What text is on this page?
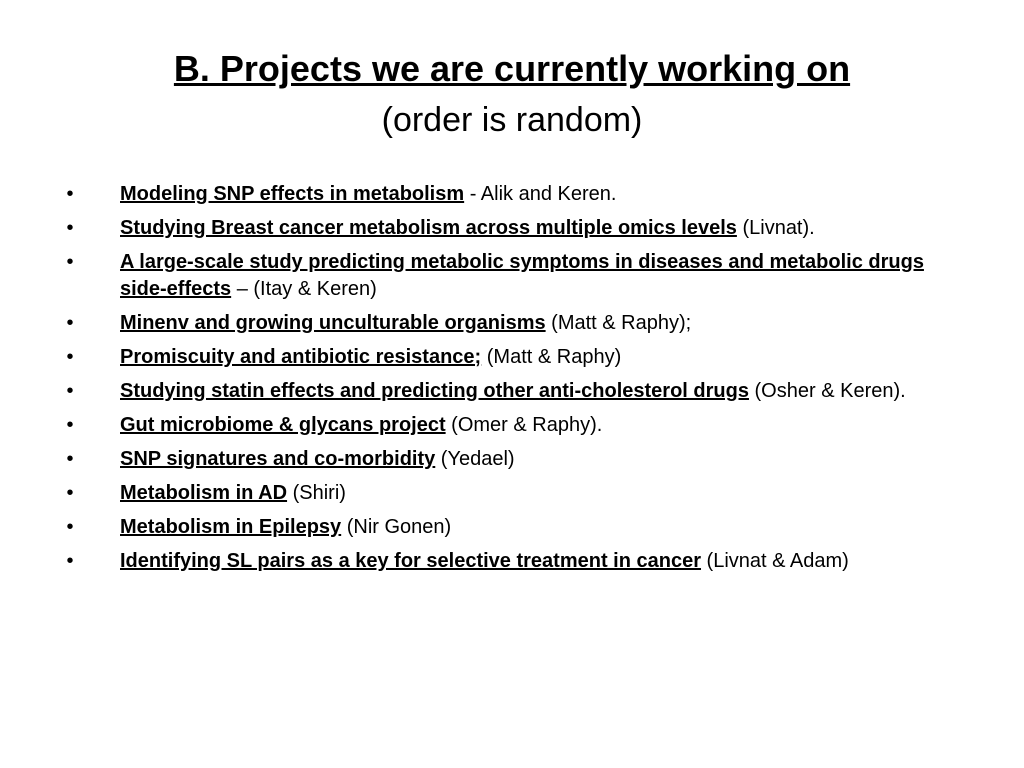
B. Projects we are currently working on
(order is random)
•	Modeling SNP effects in metabolism - Alik and Keren.
•	Studying Breast cancer metabolism across multiple omics levels (Livnat).
•	A large-scale study predicting metabolic symptoms in diseases and metabolic drugs side-effects – (Itay & Keren)
•	Minenv and growing unculturable organisms (Matt & Raphy);
•	Promiscuity and antibiotic resistance; (Matt & Raphy)
•	Studying statin effects and predicting other anti-cholesterol drugs (Osher & Keren).
•	Gut microbiome & glycans project (Omer & Raphy).
•	SNP signatures and co-morbidity (Yedael)
•	Metabolism in AD (Shiri)
•	Metabolism in Epilepsy (Nir Gonen)
•	Identifying SL pairs as a key for selective treatment in cancer (Livnat & Adam)
